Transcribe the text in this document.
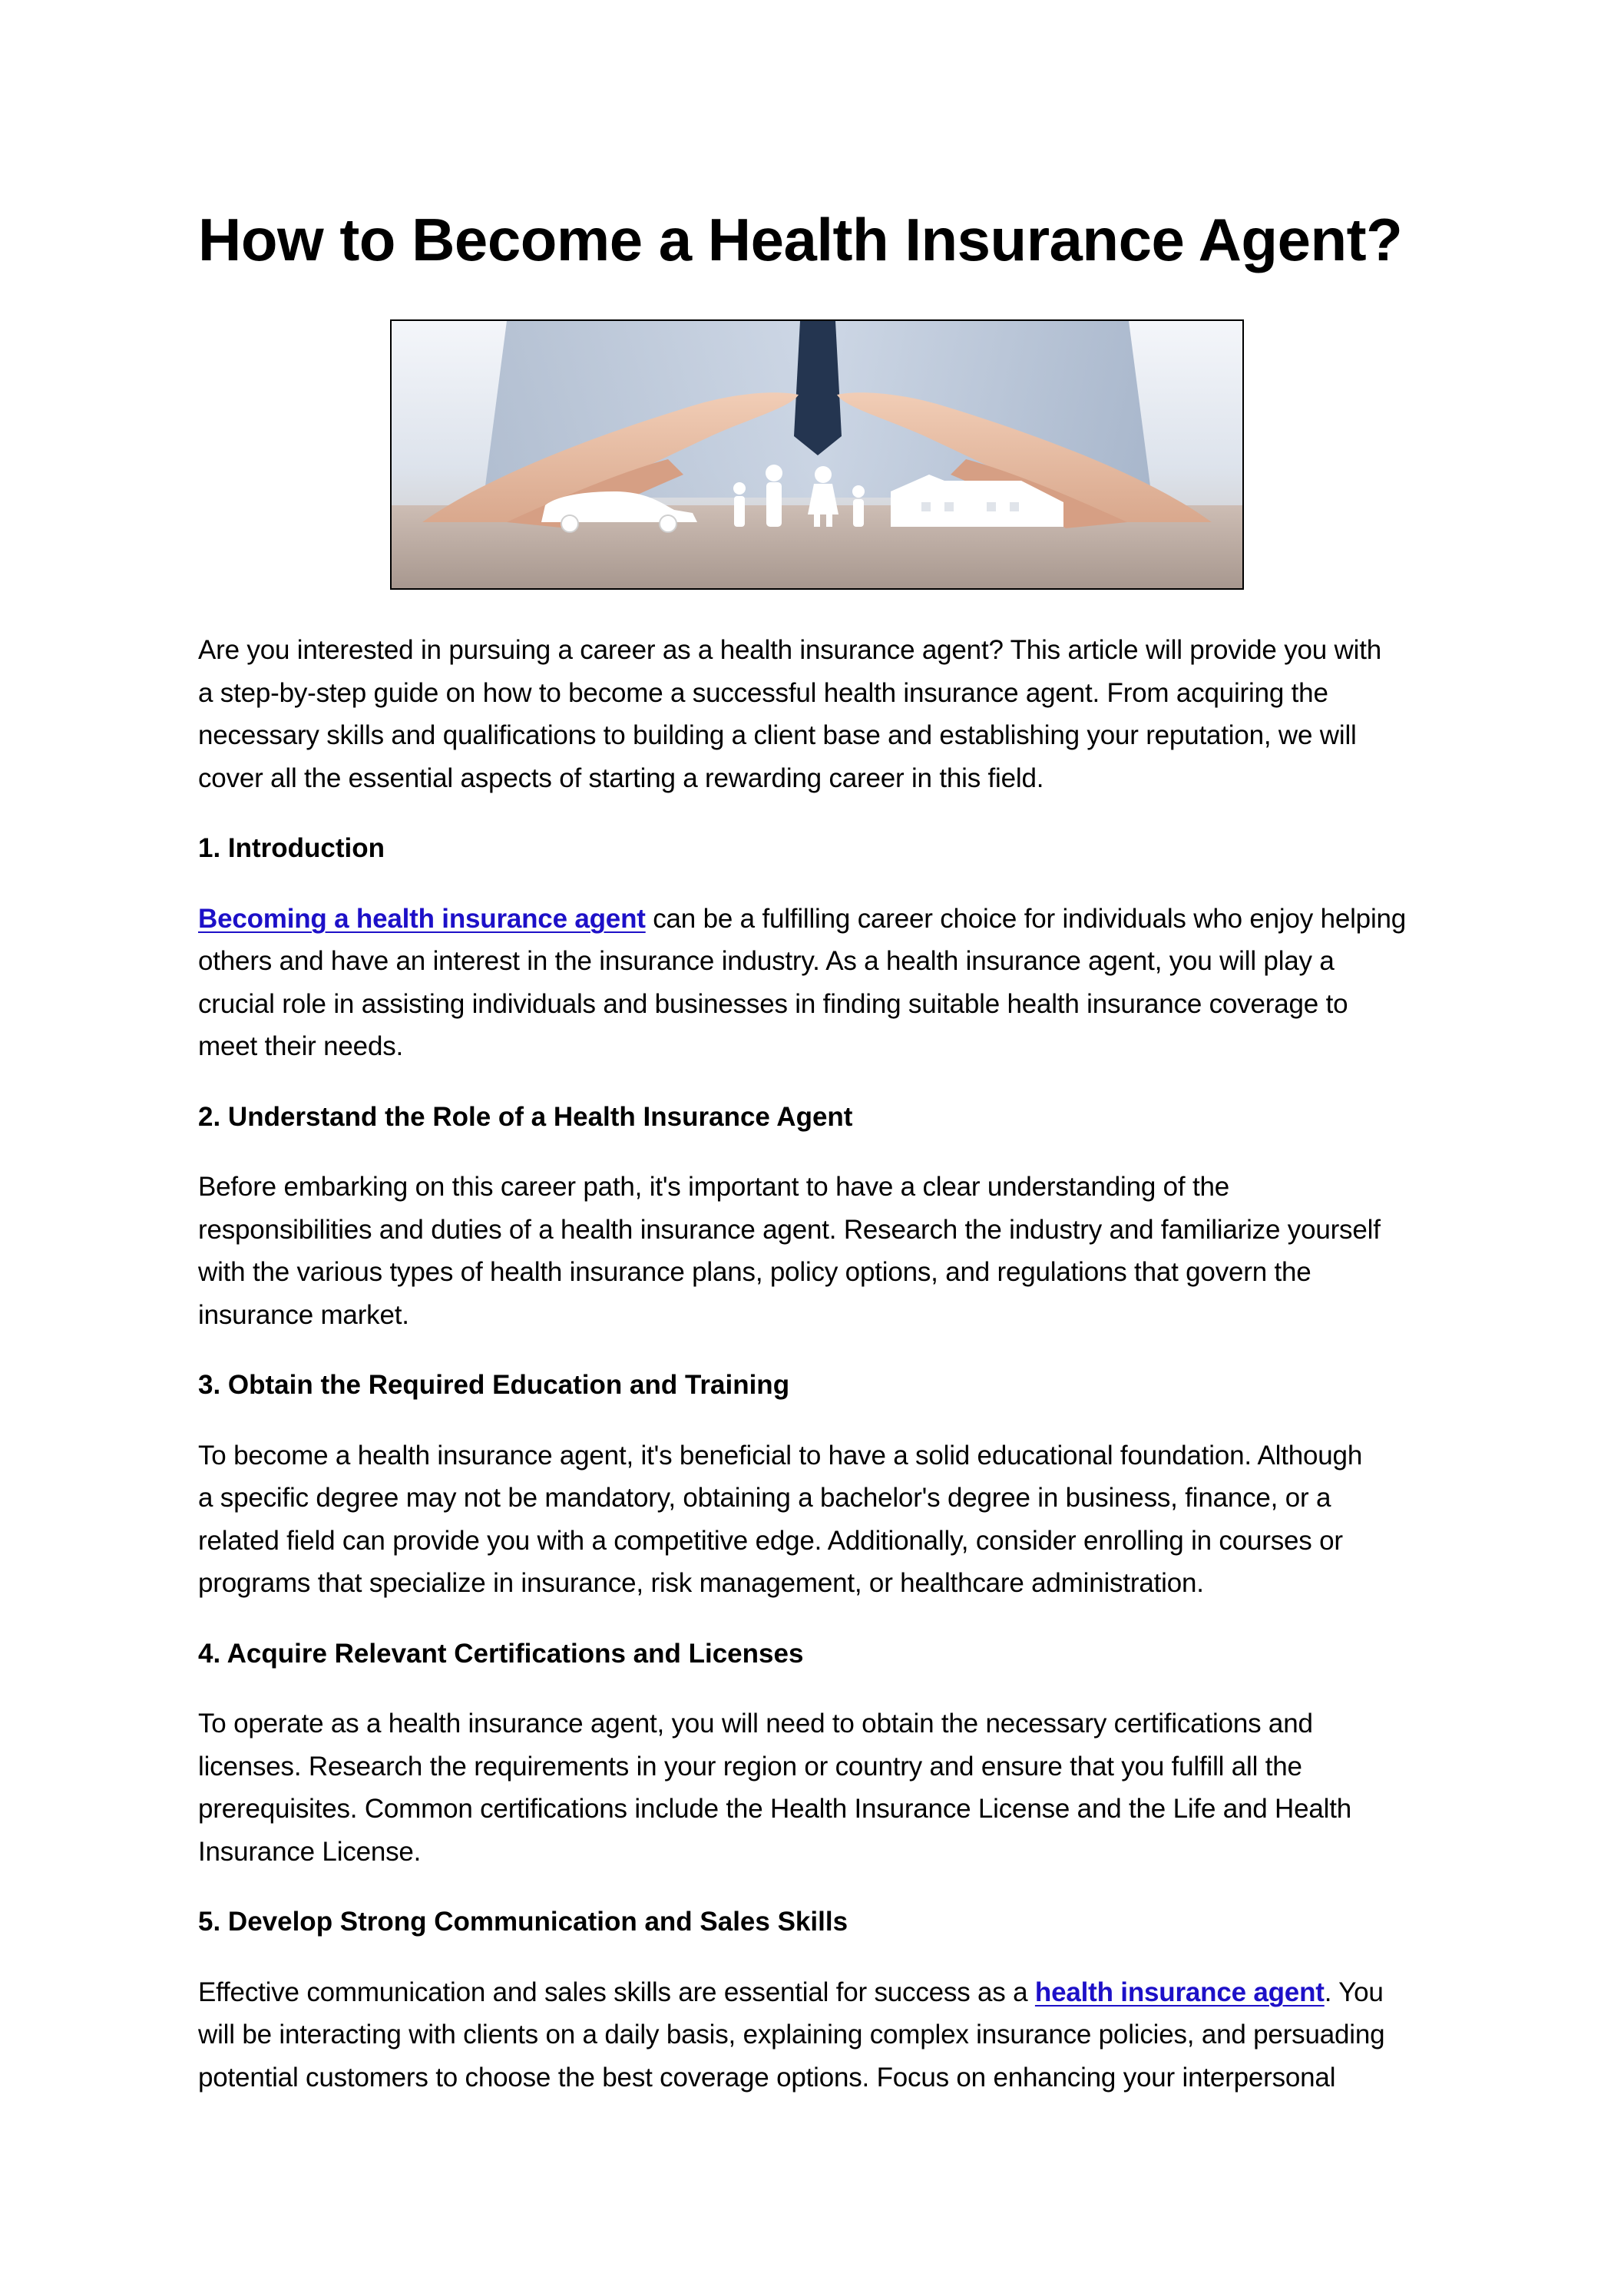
How to Become a Health Insurance Agent?

Are you interested in pursuing a career as a health insurance agent? This article will provide you with
a step-by-step guide on how to become a successful health insurance agent. From acquiring the
necessary skills and qualifications to building a client base and establishing your reputation, we will
cover all the essential aspects of starting a rewarding career in this field.

1. Introduction

Becoming a health insurance agent can be a fulfilling career choice for individuals who enjoy helping
others and have an interest in the insurance industry. As a health insurance agent, you will play a
crucial role in assisting individuals and businesses in finding suitable health insurance coverage to
meet their needs.

2. Understand the Role of a Health Insurance Agent

Before embarking on this career path, it's important to have a clear understanding of the
responsibilities and duties of a health insurance agent. Research the industry and familiarize yourself
with the various types of health insurance plans, policy options, and regulations that govern the
insurance market.

3. Obtain the Required Education and Training

To become a health insurance agent, it's beneficial to have a solid educational foundation. Although
a specific degree may not be mandatory, obtaining a bachelor's degree in business, finance, or a
related field can provide you with a competitive edge. Additionally, consider enrolling in courses or
programs that specialize in insurance, risk management, or healthcare administration.

4. Acquire Relevant Certifications and Licenses

To operate as a health insurance agent, you will need to obtain the necessary certifications and
licenses. Research the requirements in your region or country and ensure that you fulfill all the
prerequisites. Common certifications include the Health Insurance License and the Life and Health
Insurance License.

5. Develop Strong Communication and Sales Skills

Effective communication and sales skills are essential for success as a health insurance agent. You
will be interacting with clients on a daily basis, explaining complex insurance policies, and persuading
potential customers to choose the best coverage options. Focus on enhancing your interpersonal
